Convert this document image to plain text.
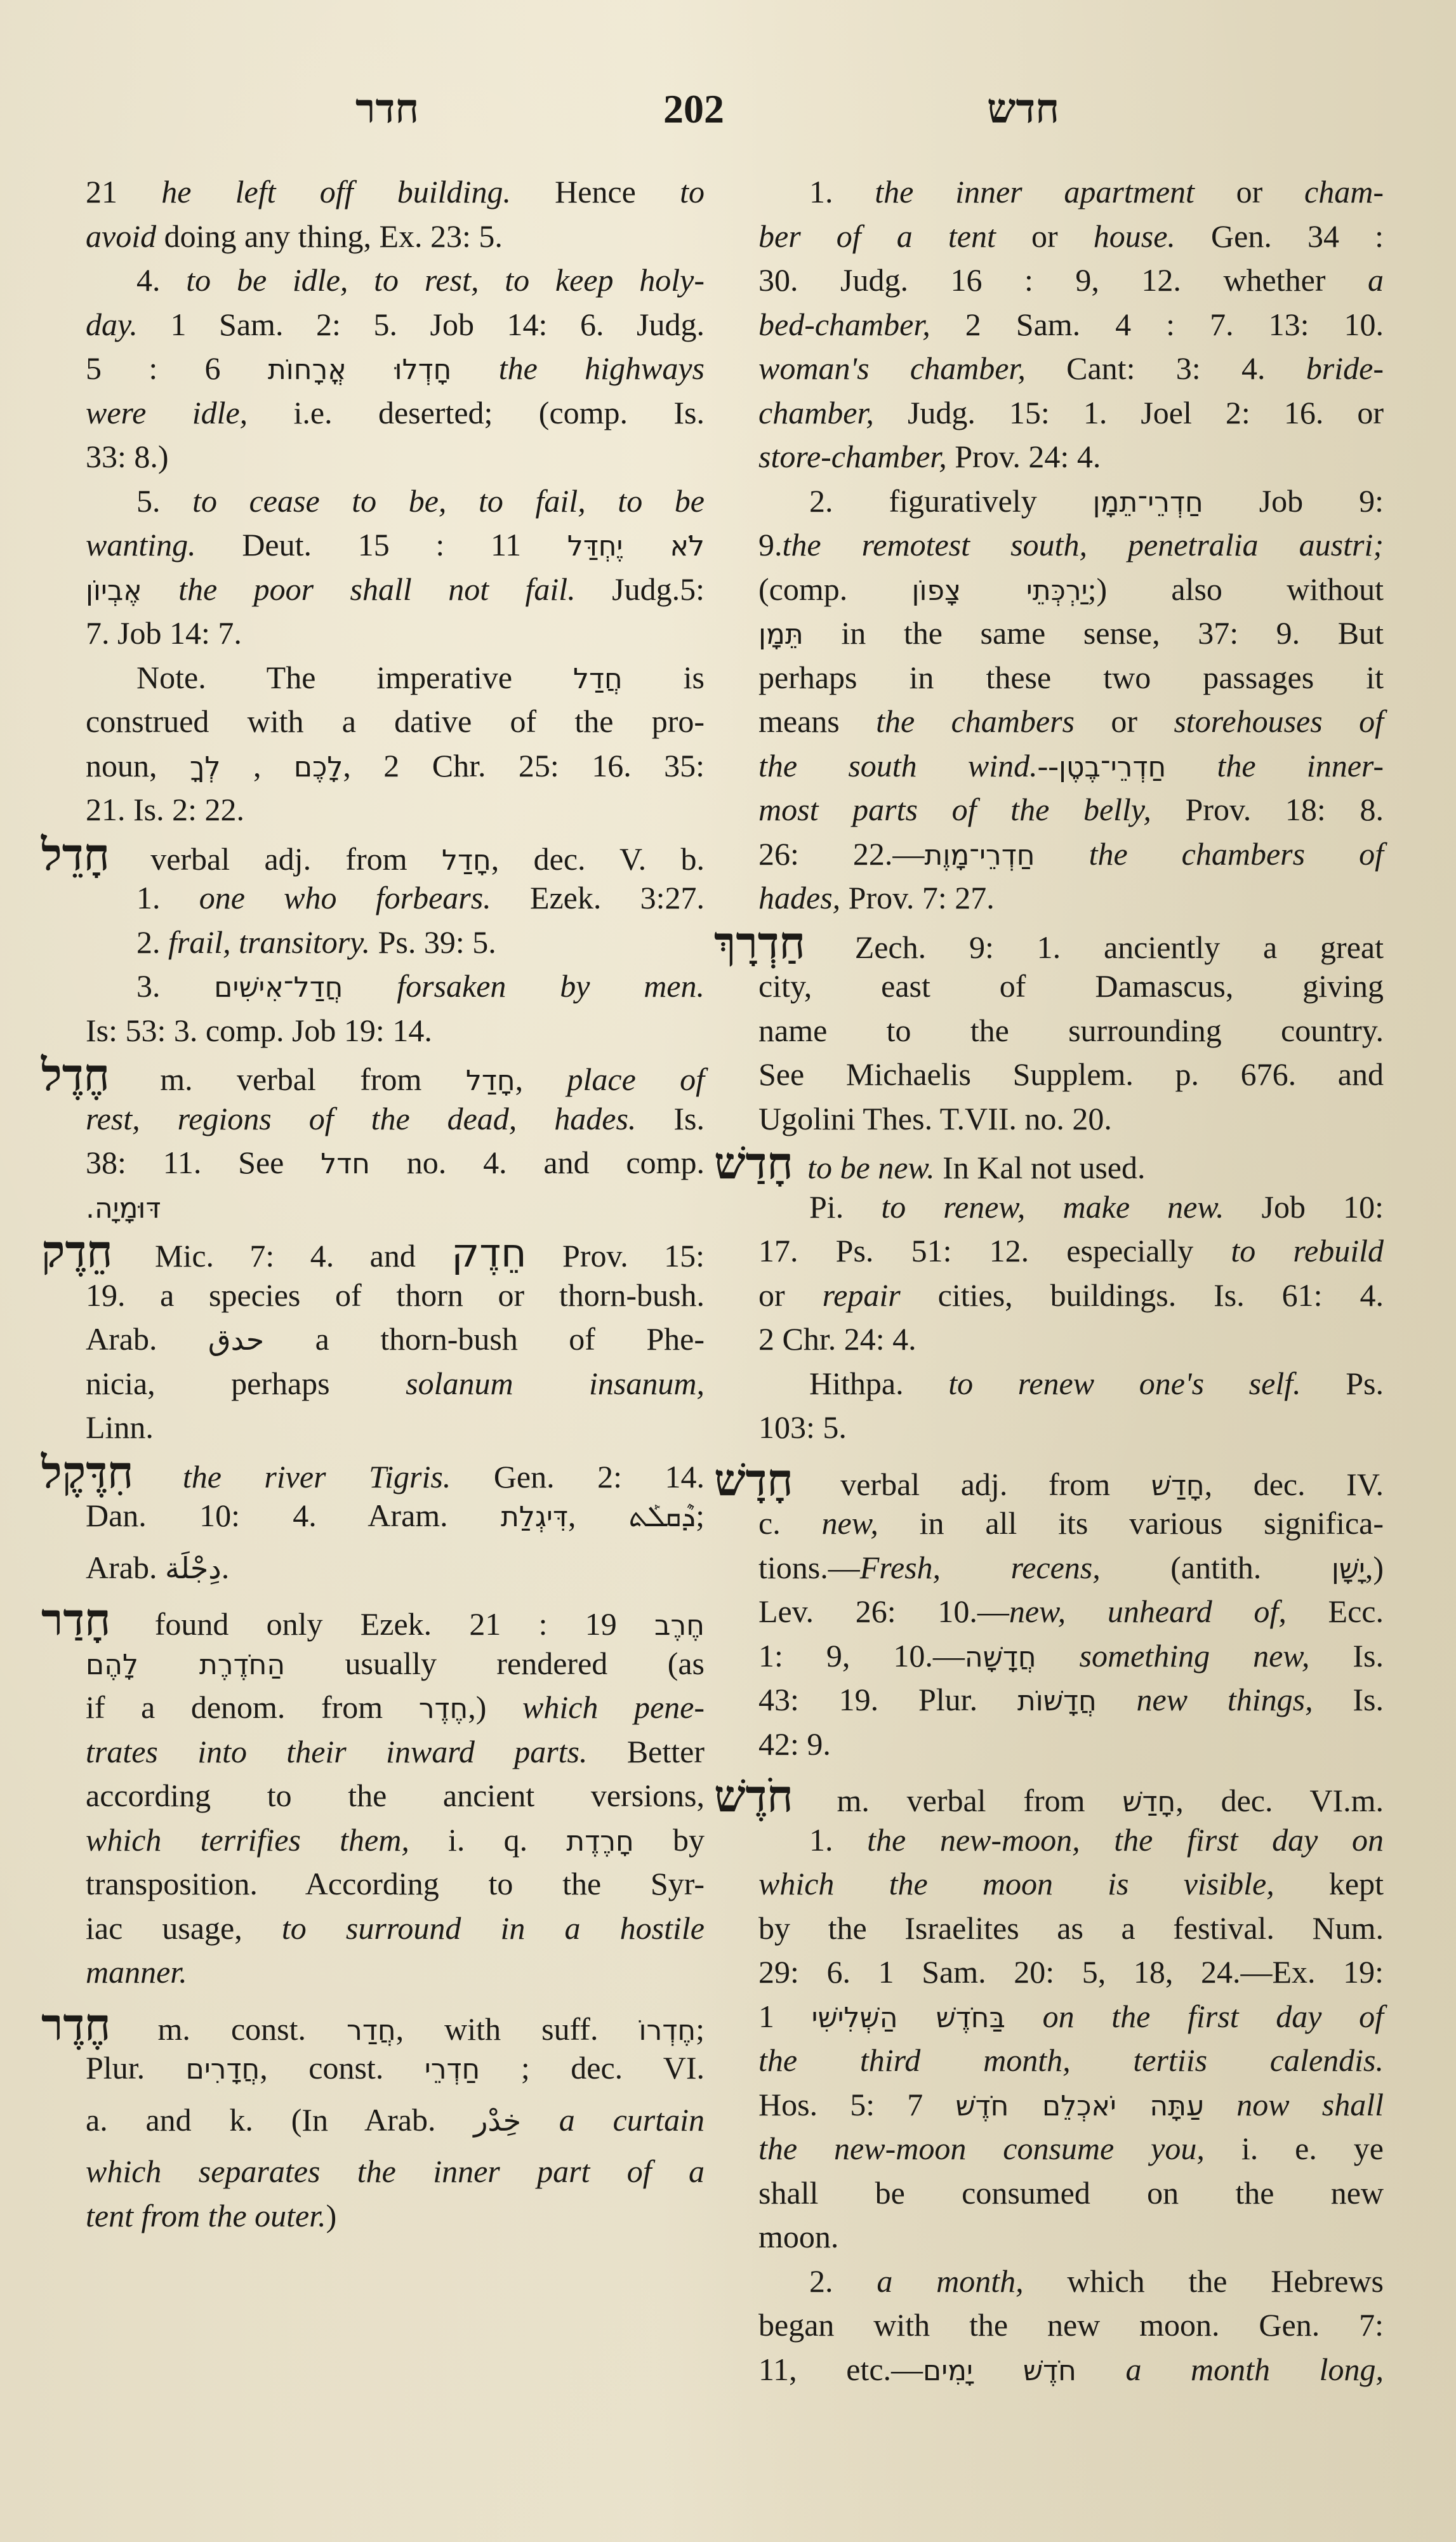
חדר	202	חדש
21 he left off building. Hence to
avoid doing any thing, Ex. 23: 5.
4. to be idle, to rest, to keep holy-
day. 1 Sam. 2: 5. Job 14: 6. Judg.
5 : 6 חָדְלוּ אֳרָחוֹת the highways
were idle, i.e. deserted; (comp. Is.
33: 8.)
5. to cease to be, to fail, to be
wanting. Deut. 15 : 11 לֹא יֶחְדַּל
אֶבְיוֹן the poor shall not fail. Judg.5:
7. Job 14: 7.
Note. The imperative חֲדַל is
construed with a dative of the pro-
noun, לְךָ , לָכֶם, 2 Chr. 25: 16. 35:
21. Is. 2: 22.
חָדֵל verbal adj. from חָדַל, dec. V. b.
1. one who forbears. Ezek. 3:27.
2. frail, transitory. Ps. 39: 5.
3. חֲדַל־אִישִׁים forsaken by men.
Is: 53: 3. comp. Job 19: 14.
חֶדֶל m. verbal from חָדַל, place of
rest, regions of the dead, hades. Is.
38: 11. See חדל no. 4. and comp.
דּוּמָיָה.
חֵדֶק Mic. 7: 4. and חֵדֶק Prov. 15:
19. a species of thorn or thorn-bush.
Arab. حدق a thorn-bush of Phe-
nicia, perhaps solanum insanum,
Linn.
חִדֶּקֶל the river Tigris. Gen. 2: 14.
Dan. 10: 4. Aram. דִּיגְלַת, ܕܶܩܠܰܬ;
Arab. دِجْلَة.
חָדַר found only Ezek. 21 : 19 חֶרֶב
הַחֹדֶרֶת לָהֶם usually rendered (as
if a denom. from חֶדֶר,) which pene-
trates into their inward parts. Better
according to the ancient versions,
which terrifies them, i. q. חָרֶדֶת by
transposition. According to the Syr-
iac usage, to surround in a hostile
manner.
חֶדֶר m. const. חֲדַר, with suff. חֶדְרוֹ;
Plur. חֲדָרִים, const. חַדְרֵי ; dec. VI.
a. and k. (In Arab. خِدْر a curtain
which separates the inner part of a
tent from the outer.)
1. the inner apartment or cham-
ber of a tent or house. Gen. 34 :
30. Judg. 16 : 9, 12. whether a
bed-chamber, 2 Sam. 4 : 7. 13: 10.
woman's chamber, Cant: 3: 4. bride-
chamber, Judg. 15: 1. Joel 2: 16. or
store-chamber, Prov. 24: 4.
2. figuratively חַדְרֵי־תֵמָן Job 9:
9.the remotest south, penetralia austri;
(comp. יַרְכְּתֵי צָפוֹן;) also without
תֵּמָן in the same sense, 37: 9. But
perhaps in these two passages it
means the chambers or storehouses of
the south wind.--חַדְרֵי־בֶטֶן the inner-
most parts of the belly, Prov. 18: 8.
26: 22.—חַדְרֵי־מָוֶת the chambers of
hades, Prov. 7: 27.
חַדְרָךְ Zech. 9: 1. anciently a great
city, east of Damascus, giving
name to the surrounding country.
See Michaelis Supplem. p. 676. and
Ugolini Thes. T.VII. no. 20.
חָדַשׁ to be new. In Kal not used.
Pi. to renew, make new. Job 10:
17. Ps. 51: 12. especially to rebuild
or repair cities, buildings. Is. 61: 4.
2 Chr. 24: 4.
Hithpa. to renew one's self. Ps.
103: 5.
חָדָשׁ verbal adj. from חָדַשׁ, dec. IV.
c. new, in all its various significa-
tions.—Fresh, recens, (antith. יָשָׁן,)
Lev. 26: 10.—new, unheard of, Ecc.
1: 9, 10.—חֲדָשָׁה something new, Is.
43: 19. Plur. חֲדָשׁוֹת new things, Is.
42: 9.
חֹדֶשׁ m. verbal from חָדַשׁ, dec. VI.m.
1. the new-moon, the first day on
which the moon is visible, kept
by the Israelites as a festival. Num.
29: 6. 1 Sam. 20: 5, 18, 24.—Ex. 19:
1 בַּחֹדֶשׁ הַשְּׁלִישִׁי on the first day of
the third month, tertiis calendis.
Hos. 5: 7 עַתָּה יֹאכְלֵם חֹדֶשׁ now shall
the new-moon consume you, i. e. ye
shall be consumed on the new
moon.
2. a month, which the Hebrews
began with the new moon. Gen. 7:
11, etc.—חֹדֶשׁ יָמִים a month long,
